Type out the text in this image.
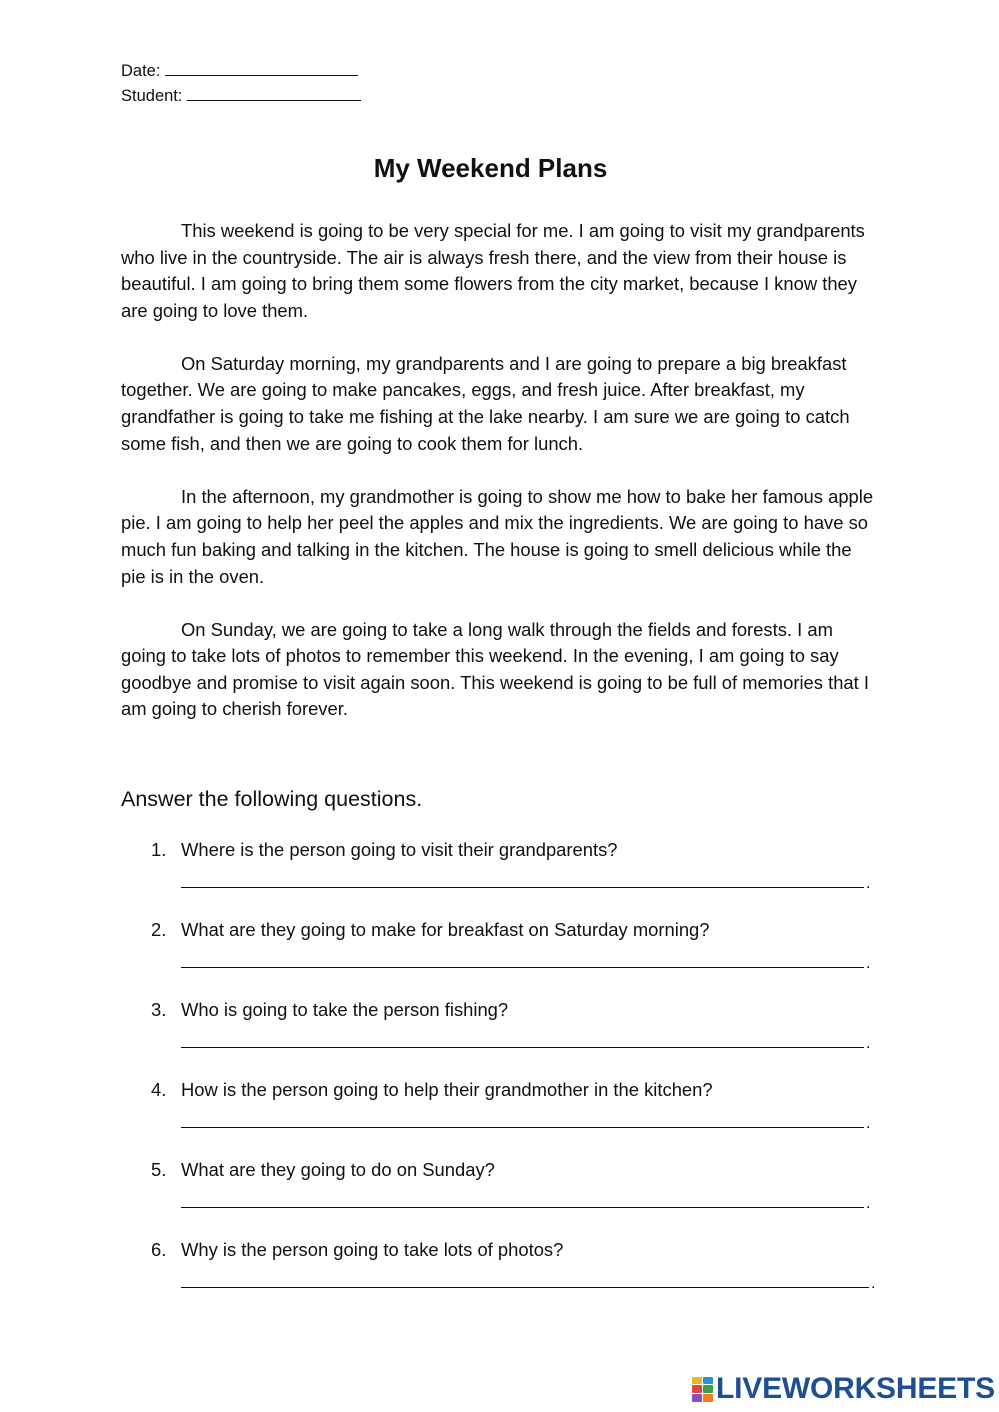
Date:
Student:
My Weekend Plans

This weekend is going to be very special for me. I am going to visit my grandparents who live in the countryside. The air is always fresh there, and the view from their house is beautiful. I am going to bring them some flowers from the city market, because I know they are going to love them.

On Saturday morning, my grandparents and I are going to prepare a big breakfast together. We are going to make pancakes, eggs, and fresh juice. After breakfast, my grandfather is going to take me fishing at the lake nearby. I am sure we are going to catch some fish, and then we are going to cook them for lunch.

In the afternoon, my grandmother is going to show me how to bake her famous apple pie. I am going to help her peel the apples and mix the ingredients. We are going to have so much fun baking and talking in the kitchen. The house is going to smell delicious while the pie is in the oven.

On Sunday, we are going to take a long walk through the fields and forests. I am going to take lots of photos to remember this weekend. In the evening, I am going to say goodbye and promise to visit again soon. This weekend is going to be full of memories that I am going to cherish forever.

Answer the following questions.
1. Where is the person going to visit their grandparents?
.
2. What are they going to make for breakfast on Saturday morning?
.
3. Who is going to take the person fishing?
.
4. How is the person going to help their grandmother in the kitchen?
.
5. What are they going to do on Sunday?
.
6. Why is the person going to take lots of photos?
.
LIVEWORKSHEETS
